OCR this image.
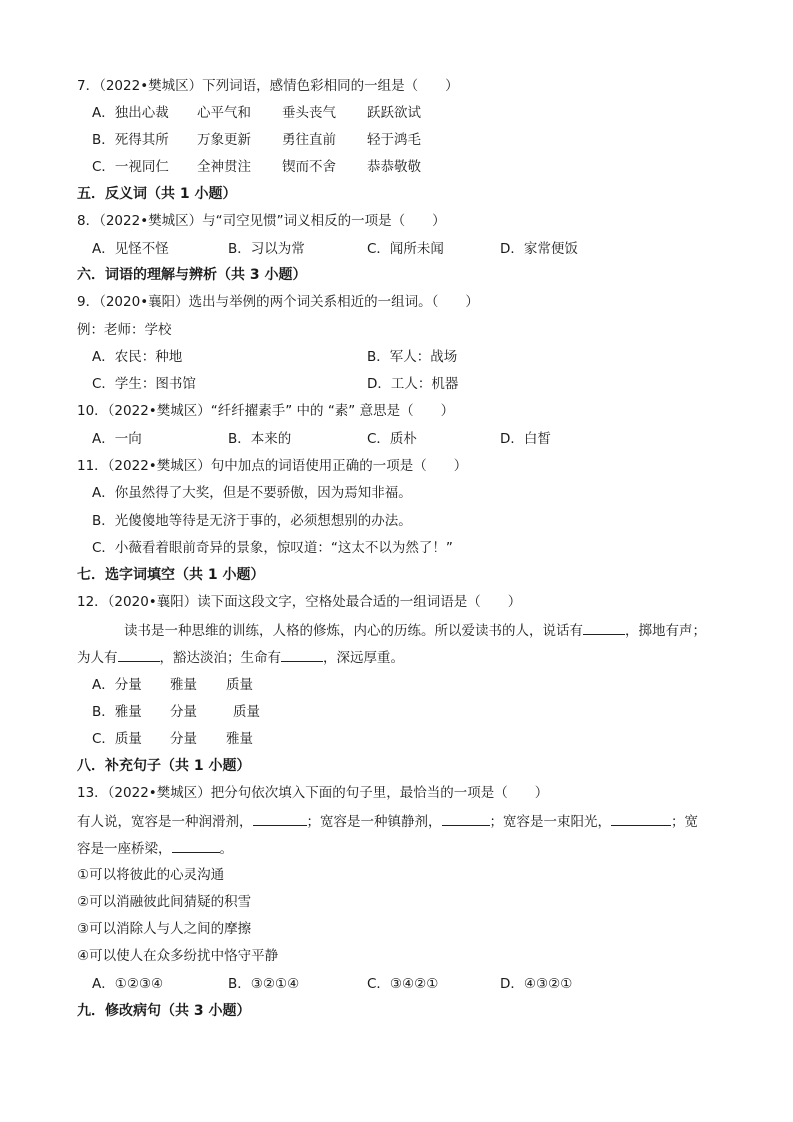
7．（2022•樊城区）下列词语，感情色彩相同的一组是（　　）
A．独出心裁 心平气和 垂头丧气 跃跃欲试
B．死得其所 万象更新 勇往直前 轻于鸿毛
C．一视同仁 全神贯注 锲而不舍 恭恭敬敬
五．反义词（共 1 小题）
8．（2022•樊城区）与“司空见惯”词义相反的一项是（　　）
A．见怪不怪	B．习以为常	C．闻所未闻	D．家常便饭
六．词语的理解与辨析（共 3 小题）
9．（2020•襄阳）选出与举例的两个词关系相近的一组词。（　　）
例：老师：学校
A．农民：种地	B．军人：战场
C．学生：图书馆	D．工人：机器
10．（2022•樊城区）“纤纤擢素手” 中的 “素” 意思是（　　）
A．一向	B．本来的	C．质朴	D．白皙
11．（2022•樊城区）句中加点的词语使用正确的一项是（　　）
A．你虽然得了大奖，但是不要骄傲，因为焉知非福。
B．光傻傻地等待是无济于事的，必须想想别的办法。
C．小薇看着眼前奇异的景象，惊叹道：“这太不以为然了！”
七．选字词填空（共 1 小题）
12．（2020•襄阳）读下面这段文字，空格处最合适的一组词语是（　　）
读书是一种思维的训练，人格的修炼，内心的历练。所以爱读书的人，说话有	，掷地有声；
为人有	，豁达淡泊；生命有	，深远厚重。
A．分量 雅量 质量
B．雅量 分量	质量
C．质量 分量 雅量
八．补充句子（共 1 小题）
13．（2022•樊城区）把分句依次填入下面的句子里，最恰当的一项是（　　）
有人说，宽容是一种润滑剂，	；宽容是一种镇静剂，	；宽容是一束阳光，	；宽
容是一座桥梁，	。
①可以将彼此的心灵沟通
②可以消融彼此间猜疑的积雪
③可以消除人与人之间的摩擦
④可以使人在众多纷扰中恪守平静
A．①②③④	B．③②①④	C．③④②①	D．④③②①
九．修改病句（共 3 小题）
